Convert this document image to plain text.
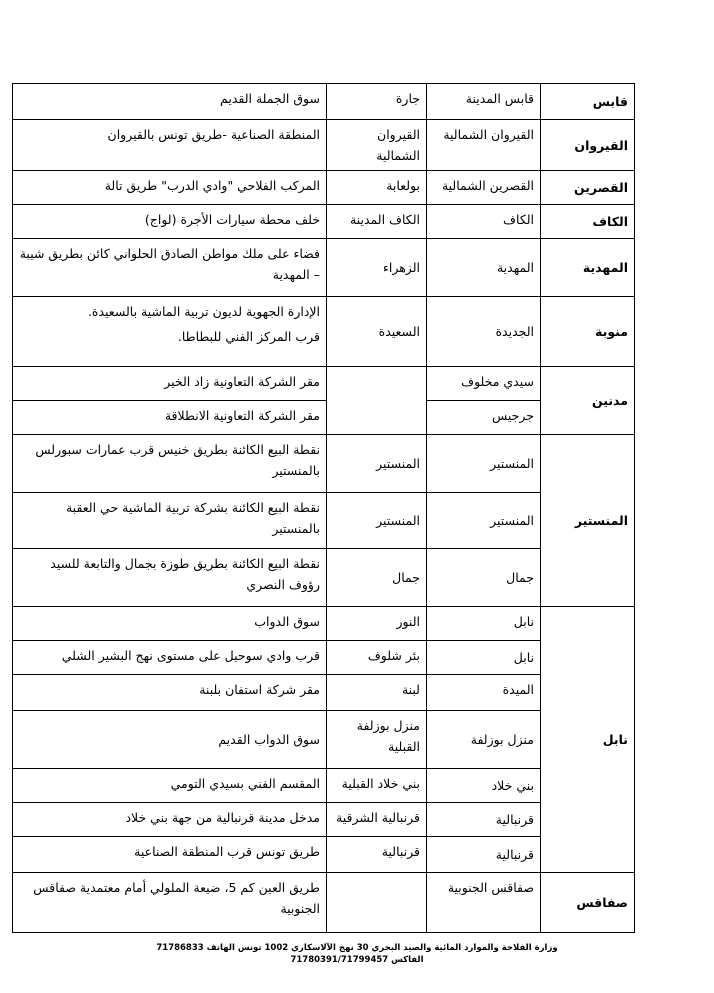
قابس	قابس المدينة	جارة	سوق الجملة القديم
القيروان	القيروان الشمالية	القيروان الشمالية	المنطقة الصناعية -طريق تونس بالقيروان
القصرين	القصرين الشمالية	بولعابة	المركب الفلاحي "وادي الدرب" طريق تالة
الكاف	الكاف	الكاف المدينة	خلف محطة سيارات الأجرة (لواج)
المهدية	المهدية	الزهراء	فضاء على ملك مواطن الصادق الحلواني كائن بطريق شيبة – المهدية
منوبة	الجديدة	السعيدة	الإدارة الجهوية لديون تربية الماشية بالسعيدة.
قرب المركز الفني للبطاطا.

مدنين	سيدي مخلوف		مقر الشركة التعاونية زاد الخير
	جرجيس		مقر الشركة التعاونية الانطلاقة
المنستير	المنستير	المنستير	نقطة البيع الكائنة بطريق خنيس قرب عمارات سبورلس بالمنستير
	المنستير	المنستير	نقطة البيع الكائنة بشركة تربية الماشية حي العقبة بالمنستير
	جمال	جمال	نقطة البيع الكائنة بطريق طوزة بجمال والتابعة للسيد رؤوف النصري
نابل	نابل	النور	سوق الدواب
	نابل	بئر شلوف	قرب وادي سوحيل على مستوى نهج البشير الشلي
	الميدة	لبنة	مقر شركة استفان بلبنة
	منزل بوزلفة	منزل بوزلفة القبلية	سوق الدواب القديم
	بني خلاد	بني خلاد القبلية	المقسم الفني بسيدي التومي
	قرنبالية	قرنبالية الشرقية	مدخل مدينة قرنبالية من جهة بني خلاد
	قرنبالية	قرنبالية	طريق تونس قرب المنطقة الصناعية
صفاقس	صفاقس الجنوبية		طريق العين كم 5، ضيعة الملولي أمام معتمدية صفاقس الجنوبية
وزارة الفلاحة والموارد المائية والصيد البحري 30 نهج الآلاسكاري 1002 تونس الهاتف 71786833
الفاكس 71780391/71799457
